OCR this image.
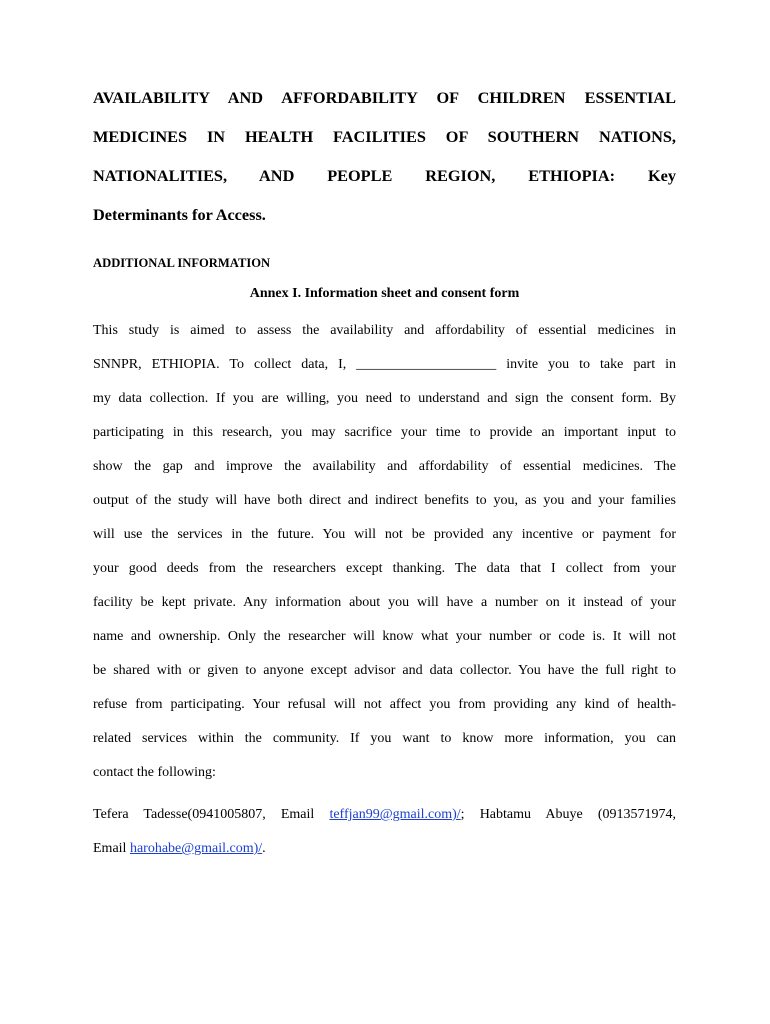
AVAILABILITY AND AFFORDABILITY OF CHILDREN ESSENTIAL
MEDICINES IN HEALTH FACILITIES OF SOUTHERN NATIONS,
NATIONALITIES, AND PEOPLE REGION, ETHIOPIA: Key
Determinants for Access.
ADDITIONAL INFORMATION
Annex I. Information sheet and consent form
This study is aimed to assess the availability and affordability of essential medicines in
SNNPR, ETHIOPIA. To collect data, I, ____________________ invite you to take part in
my data collection. If you are willing, you need to understand and sign the consent form. By
participating in this research, you may sacrifice your time to provide an important input to
show the gap and improve the availability and affordability of essential medicines. The
output of the study will have both direct and indirect benefits to you, as you and your families
will use the services in the future. You will not be provided any incentive or payment for
your good deeds from the researchers except thanking. The data that I collect from your
facility be kept private. Any information about you will have a number on it instead of your
name and ownership. Only the researcher will know what your number or code is. It will not
be shared with or given to anyone except advisor and data collector. You have the full right to
refuse from participating. Your refusal will not affect you from providing any kind of health-
related services within the community. If you want to know more information, you can
contact the following:
Tefera Tadesse(0941005807, Email teffjan99@gmail.com)/; Habtamu Abuye (0913571974,
Email harohabe@gmail.com)/.
